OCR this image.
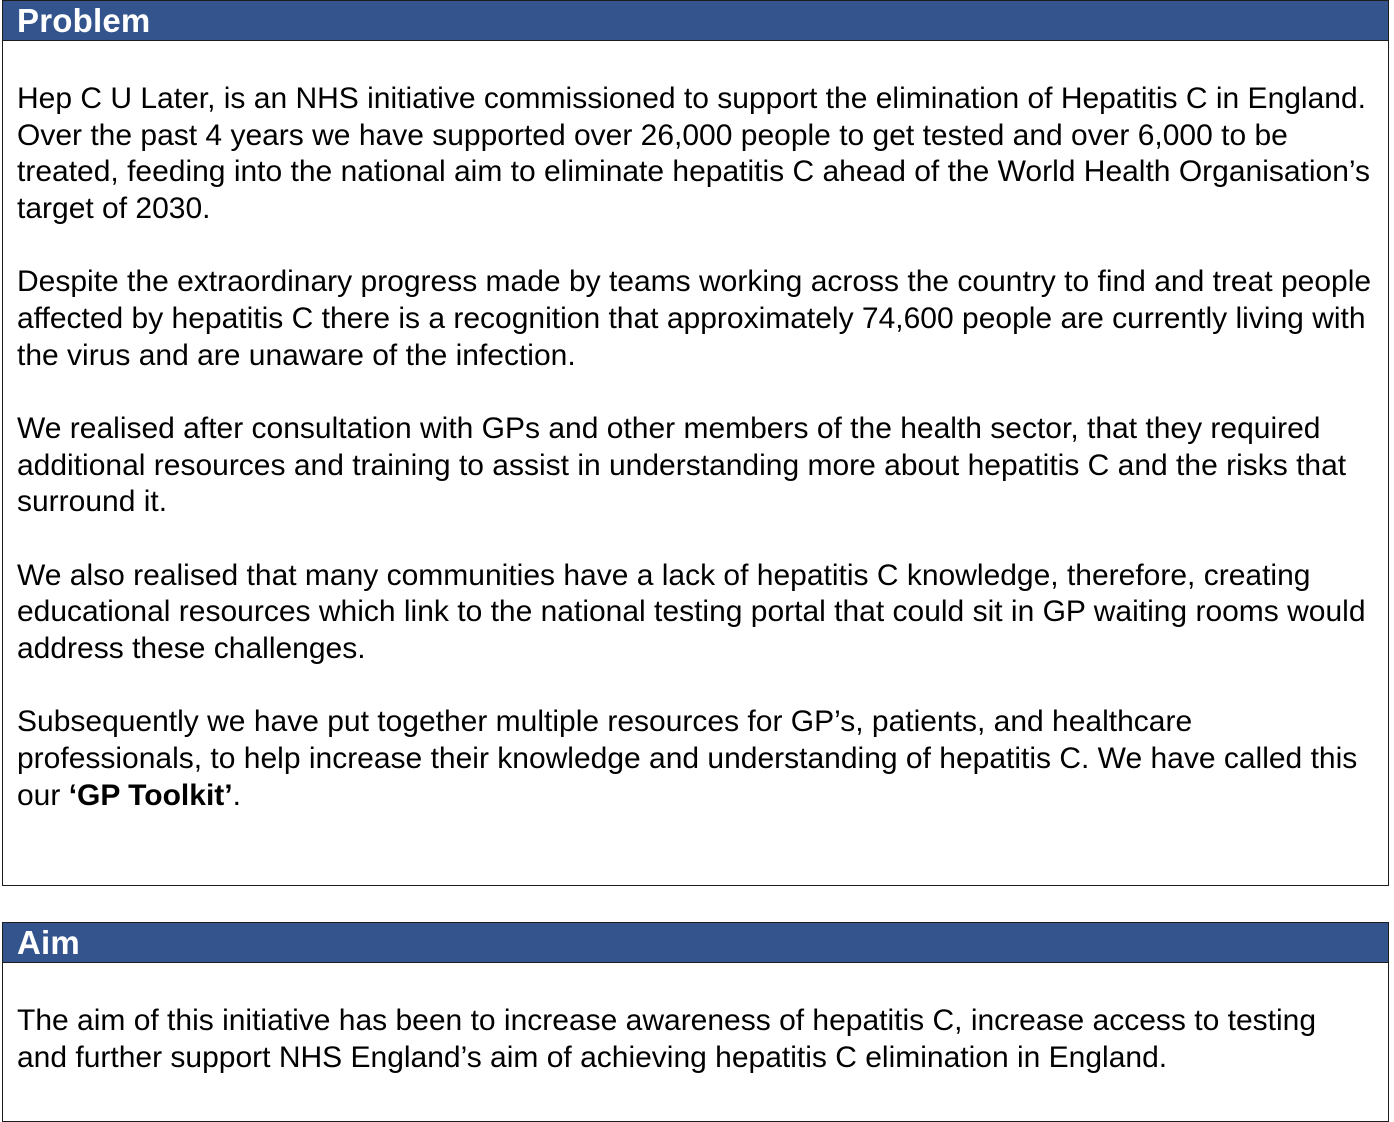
Problem

Hep C U Later, is an NHS initiative commissioned to support the elimination of Hepatitis C in England. Over the past 4 years we have supported over 26,000 people to get tested and over 6,000 to be treated, feeding into the national aim to eliminate hepatitis C ahead of the World Health Organisation’s target of 2030.

Despite the extraordinary progress made by teams working across the country to find and treat people affected by hepatitis C there is a recognition that approximately 74,600 people are currently living with the virus and are unaware of the infection.

We realised after consultation with GPs and other members of the health sector, that they required additional resources and training to assist in understanding more about hepatitis C and the risks that surround it.

We also realised that many communities have a lack of hepatitis C knowledge, therefore, creating educational resources which link to the national testing portal that could sit in GP waiting rooms would address these challenges.

Subsequently we have put together multiple resources for GP’s, patients, and healthcare professionals, to help increase their knowledge and understanding of hepatitis C. We have called this our ‘GP Toolkit’.

Aim

The aim of this initiative has been to increase awareness of hepatitis C, increase access to testing and further support NHS England’s aim of achieving hepatitis C elimination in England.
